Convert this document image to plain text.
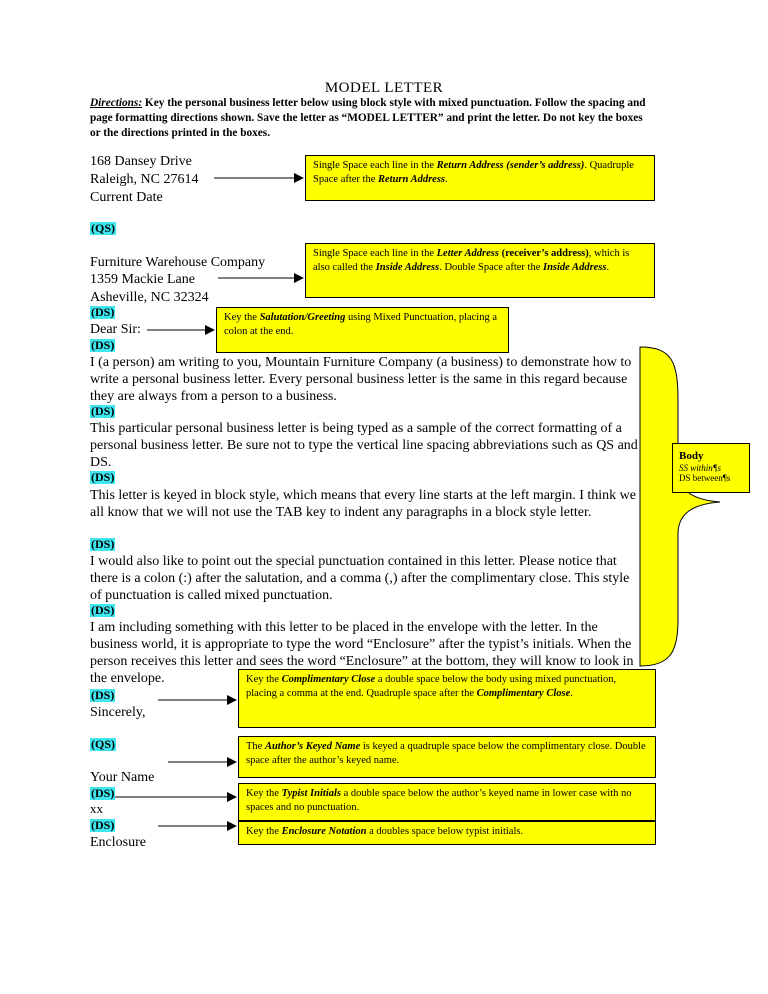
MODEL LETTER
Directions: Key the personal business letter below using block style with mixed punctuation. Follow the spacing and page formatting directions shown. Save the letter as “MODEL LETTER” and print the letter. Do not key the boxes or the directions printed in the boxes.
168 Dansey Drive
Raleigh, NC 27614
Current Date
(QS)
Furniture Warehouse Company
1359 Mackie Lane
Asheville, NC 32324
(DS)
Dear Sir:
(DS)
I (a person) am writing to you, Mountain Furniture Company (a business) to demonstrate how to write a personal business letter. Every personal business letter is the same in this regard because they are always from a person to a business.
(DS)
This particular personal business letter is being typed as a sample of the correct formatting of a personal business letter. Be sure not to type the vertical line spacing abbreviations such as QS and DS.
(DS)
This letter is keyed in block style, which means that every line starts at the left margin. I think we all know that we will not use the TAB key to indent any paragraphs in a block style letter.
(DS)
I would also like to point out the special punctuation contained in this letter. Please notice that there is a colon (:) after the salutation, and a comma (,) after the complimentary close. This style of punctuation is called mixed punctuation.
(DS)
I am including something with this letter to be placed in the envelope with the letter. In the business world, it is appropriate to type the word “Enclosure” after the typist’s initials. When the person receives this letter and sees the word “Enclosure” at the bottom, they will know to look in the envelope.
(DS)
Sincerely,
(QS)
Your Name
(DS)
xx
(DS)
Enclosure
Single Space each line in the Return Address (sender’s address). Quadruple Space after the Return Address.
Single Space each line in the Letter Address (receiver’s address), which is also called the Inside Address. Double Space after the Inside Address.
Key the Salutation/Greeting using Mixed Punctuation, placing a colon at the end.
Key the Complimentary Close a double space below the body using mixed punctuation, placing a comma at the end. Quadruple space after the Complimentary Close.
The Author’s Keyed Name is keyed a quadruple space below the complimentary close. Double space after the author’s keyed name.
Key the Typist Initials a double space below the author’s keyed name in lower case with no spaces and no punctuation.
Key the Enclosure Notation a doubles space below typist initials.
Body
SS within¶s
DS between¶s
